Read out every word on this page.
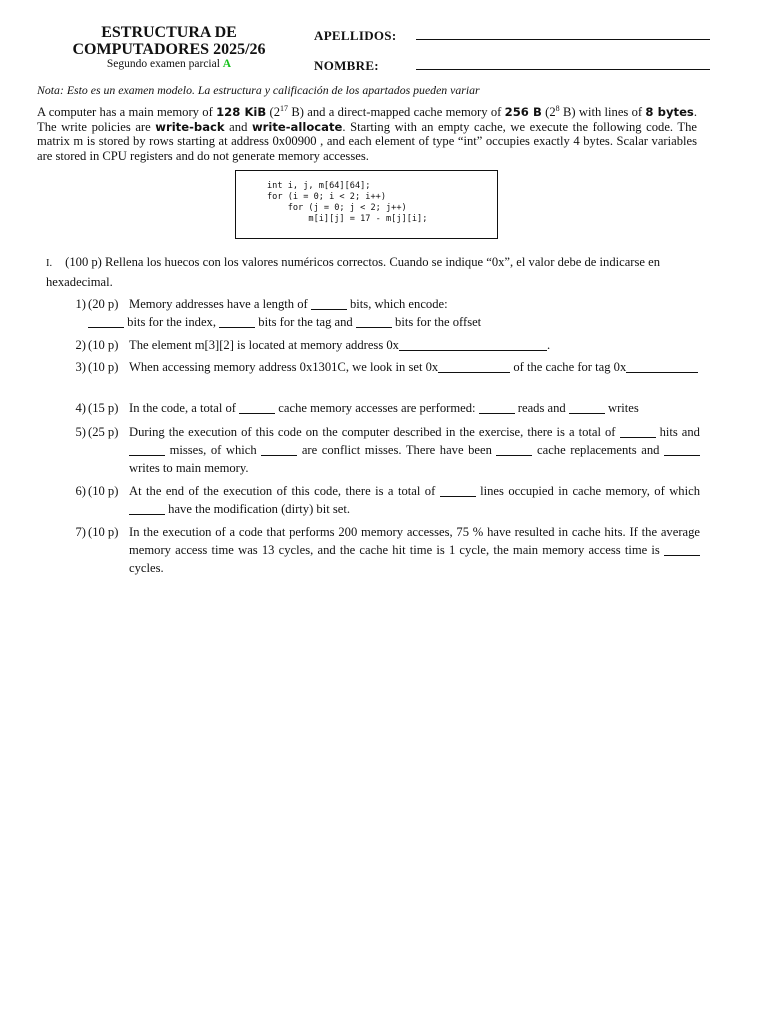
ESTRUCTURA DE
COMPUTADORES 2025/26
Segundo examen parcial A
APELLIDOS:
NOMBRE:
Nota: Esto es un examen modelo. La estructura y calificación de los apartados pueden variar
A computer has a main memory of 128 KiB ($2^{17}$ B) and a direct-mapped cache memory of 256 B ($2^8$ B) with lines of 8 bytes. The write policies are write-back and write-allocate. Starting with an empty cache, we execute the following code. The matrix m is stored by rows starting at address 0x00900 , and each element of type “int” occupies exactly 4 bytes. Scalar variables are stored in CPU registers and do not generate memory accesses.
int i, j, m[64][64];
for (i = 0; i < 2; i++)
for (j = 0; j < 2; j++)
m[i][j] = 17 - m[j][i];
I. (100 p) Rellena los huecos con los valores numéricos correctos. Cuando se indique “0x”, el valor debe de indicarse en hexadecimal.
1) (20 p) Memory addresses have a length of	bits, which encode:
bits for the index,	bits for the tag and	bits for the offset
2) (10 p) The element m[3][2] is located at memory address 0x	.
3) (10 p) When accessing memory address 0x1301C, we look in set 0x	of the cache for tag 0x
4) (15 p) In the code, a total of	cache memory accesses are performed:	reads and	writes
5) (25 p) During the execution of this code on the computer described in the exercise, there is a total of	hits and  misses, of which	are conflict misses. There have been	cache replacements and  writes to main memory.
6) (10 p) At the end of the execution of this code, there is a total of	lines occupied in cache memory, of which  have the modification (dirty) bit set.
7) (10 p) In the execution of a code that performs 200 memory accesses, 75 % have resulted in cache hits. If the average memory access time was 13 cycles, and the cache hit time is 1 cycle, the main memory access time is  cycles.
